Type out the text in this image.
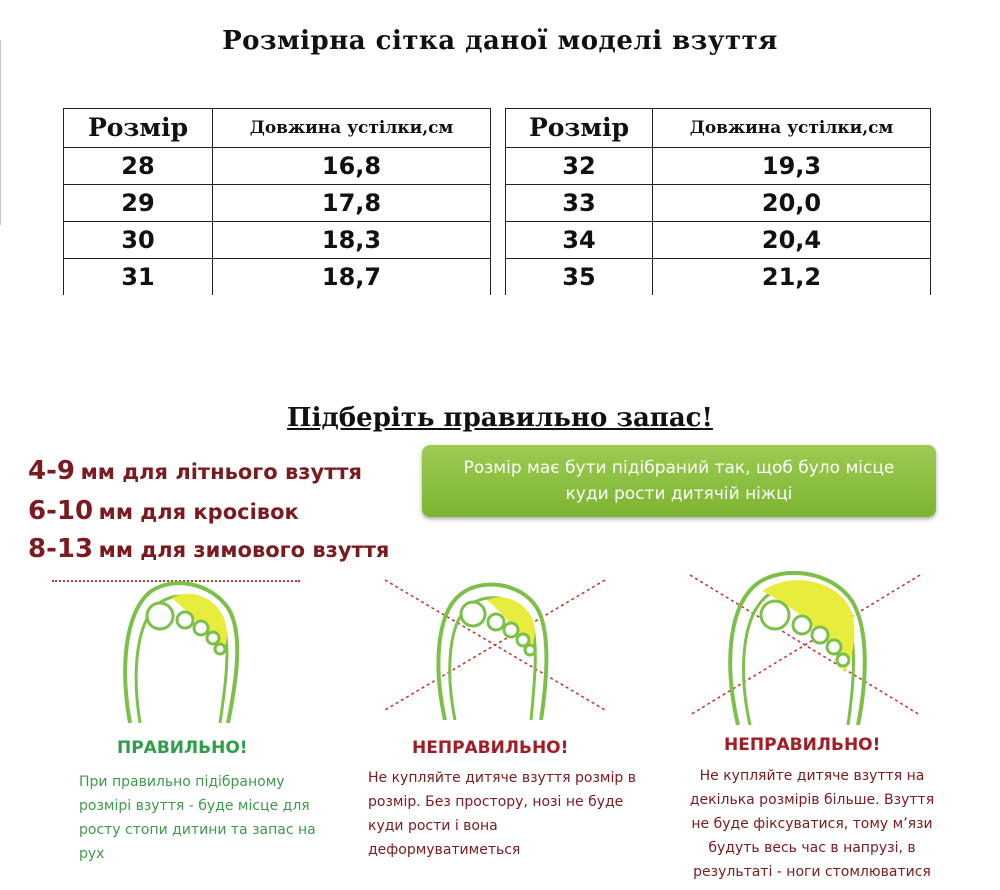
Розмірна сітка даної моделі взуття
Розмір	Довжина устілки,см
28	16,8
29	17,8
30	18,3
31	18,7
Розмір	Довжина устілки,см
32	19,3
33	20,0
34	20,4
35	21,2
Підберіть правильно запас!
4-9 мм для літнього взуття
6-10 мм для кросівок
8-13 мм для зимового взуття
Розмір має бути підібраний так, щоб було місце куди рости дитячій ніжці
ПРАВИЛЬНО!	НЕПРАВИЛЬНО!	НЕПРАВИЛЬНО!
При правильно підібраному розмірі взуття - буде місце для росту стопи дитини та запас на рух
Не купляйте дитяче взуття розмір в розмір. Без простору, нозі не буде куди рости і вона деформуватиметься
Не купляйте дитяче взуття на декілька розмірів більше. Взуття не буде фіксуватися, тому м’язи будуть весь час в напрузі, в результаті - ноги стомлюватися
